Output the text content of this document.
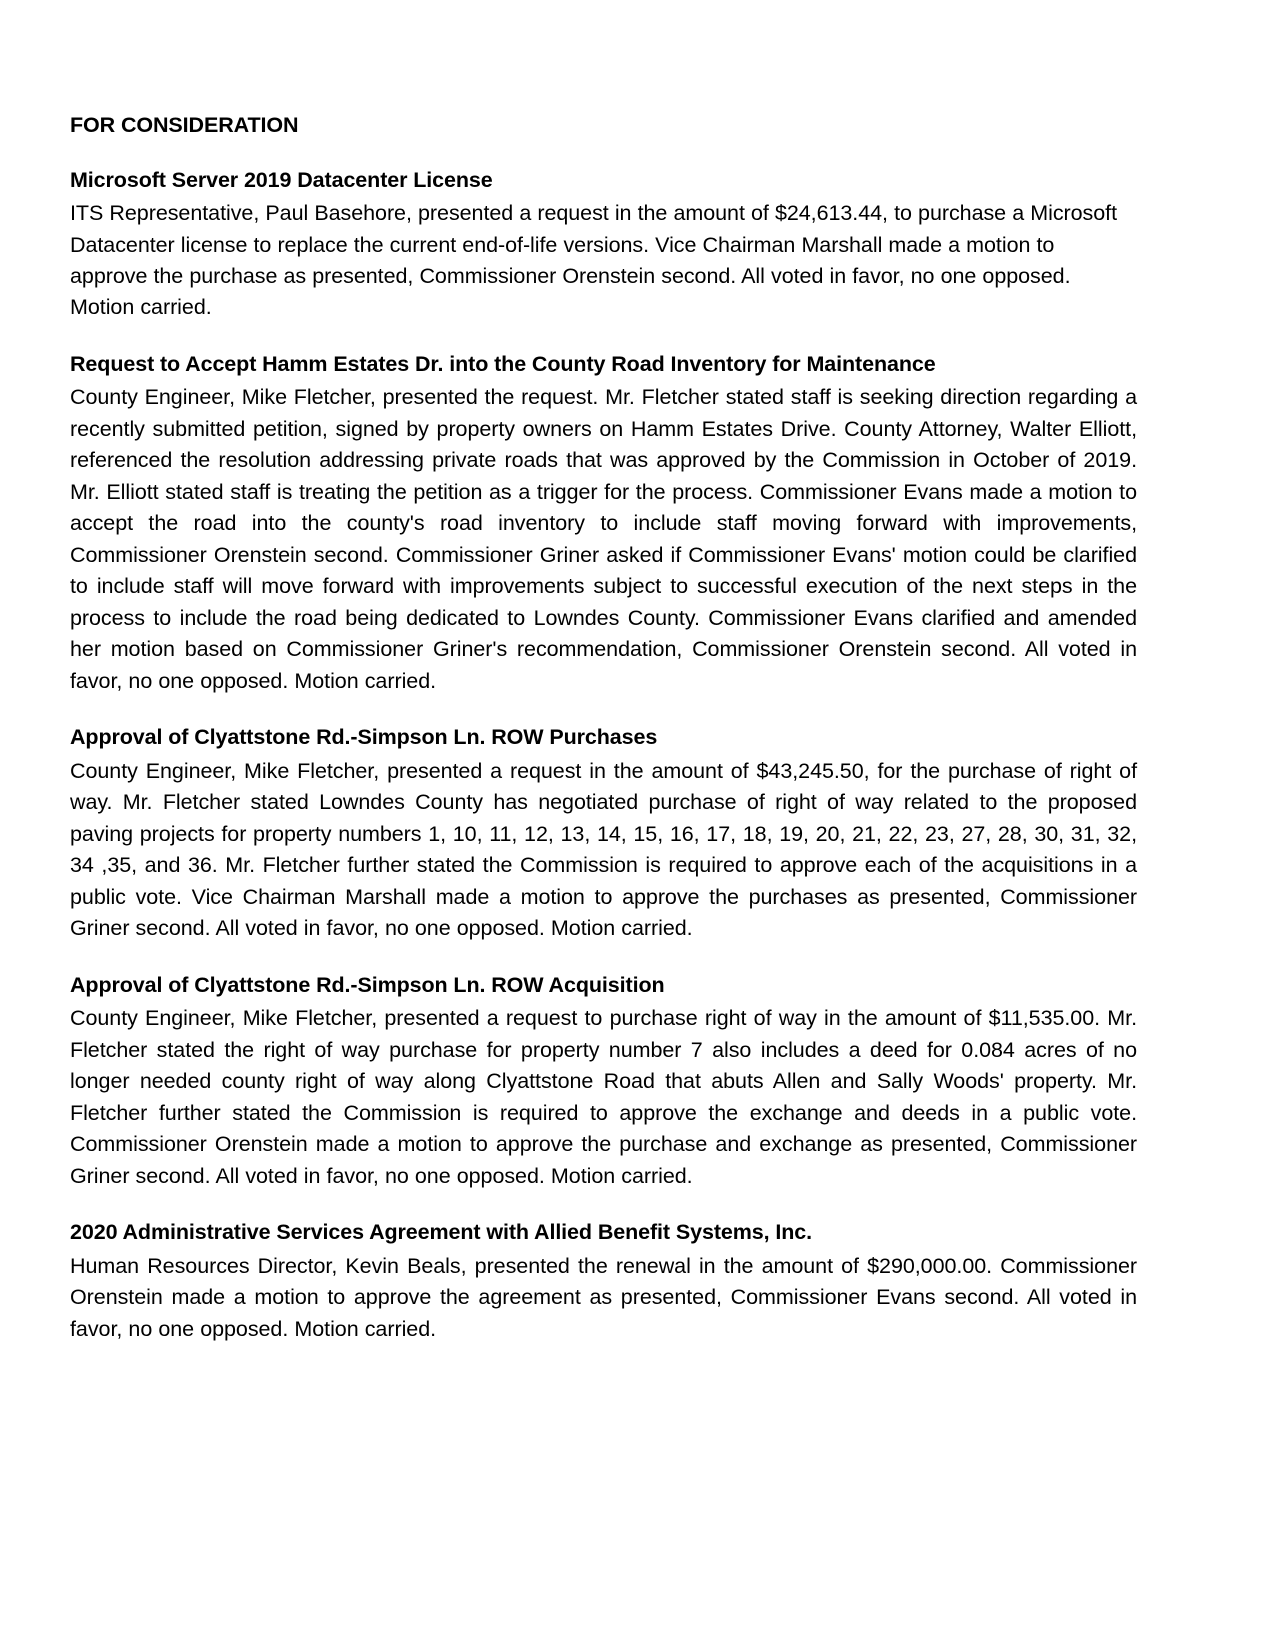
FOR CONSIDERATION
Microsoft Server 2019 Datacenter License

ITS Representative, Paul Basehore, presented a request in the amount of $24,613.44, to purchase a Microsoft Datacenter license to replace the current end-of-life versions. Vice Chairman Marshall made a motion to approve the purchase as presented, Commissioner Orenstein second. All voted in favor, no one opposed. Motion carried.

Request to Accept Hamm Estates Dr. into the County Road Inventory for Maintenance

County Engineer, Mike Fletcher, presented the request. Mr. Fletcher stated staff is seeking direction regarding a recently submitted petition, signed by property owners on Hamm Estates Drive. County Attorney, Walter Elliott, referenced the resolution addressing private roads that was approved by the Commission in October of 2019. Mr. Elliott stated staff is treating the petition as a trigger for the process. Commissioner Evans made a motion to accept the road into the county's road inventory to include staff moving forward with improvements, Commissioner Orenstein second. Commissioner Griner asked if Commissioner Evans' motion could be clarified to include staff will move forward with improvements subject to successful execution of the next steps in the process to include the road being dedicated to Lowndes County. Commissioner Evans clarified and amended her motion based on Commissioner Griner's recommendation, Commissioner Orenstein second. All voted in favor, no one opposed. Motion carried.

Approval of Clyattstone Rd.-Simpson Ln. ROW Purchases

County Engineer, Mike Fletcher, presented a request in the amount of $43,245.50, for the purchase of right of way. Mr. Fletcher stated Lowndes County has negotiated purchase of right of way related to the proposed paving projects for property numbers 1, 10, 11, 12, 13, 14, 15, 16, 17, 18, 19, 20, 21, 22, 23, 27, 28, 30, 31, 32, 34 ,35, and 36. Mr. Fletcher further stated the Commission is required to approve each of the acquisitions in a public vote. Vice Chairman Marshall made a motion to approve the purchases as presented, Commissioner Griner second. All voted in favor, no one opposed. Motion carried.

Approval of Clyattstone Rd.-Simpson Ln. ROW Acquisition

County Engineer, Mike Fletcher, presented a request to purchase right of way in the amount of $11,535.00. Mr. Fletcher stated the right of way purchase for property number 7 also includes a deed for 0.084 acres of no longer needed county right of way along Clyattstone Road that abuts Allen and Sally Woods' property. Mr. Fletcher further stated the Commission is required to approve the exchange and deeds in a public vote. Commissioner Orenstein made a motion to approve the purchase and exchange as presented, Commissioner Griner second. All voted in favor, no one opposed. Motion carried.

2020 Administrative Services Agreement with Allied Benefit Systems, Inc.

Human Resources Director, Kevin Beals, presented the renewal in the amount of $290,000.00. Commissioner Orenstein made a motion to approve the agreement as presented, Commissioner Evans second. All voted in favor, no one opposed. Motion carried.
